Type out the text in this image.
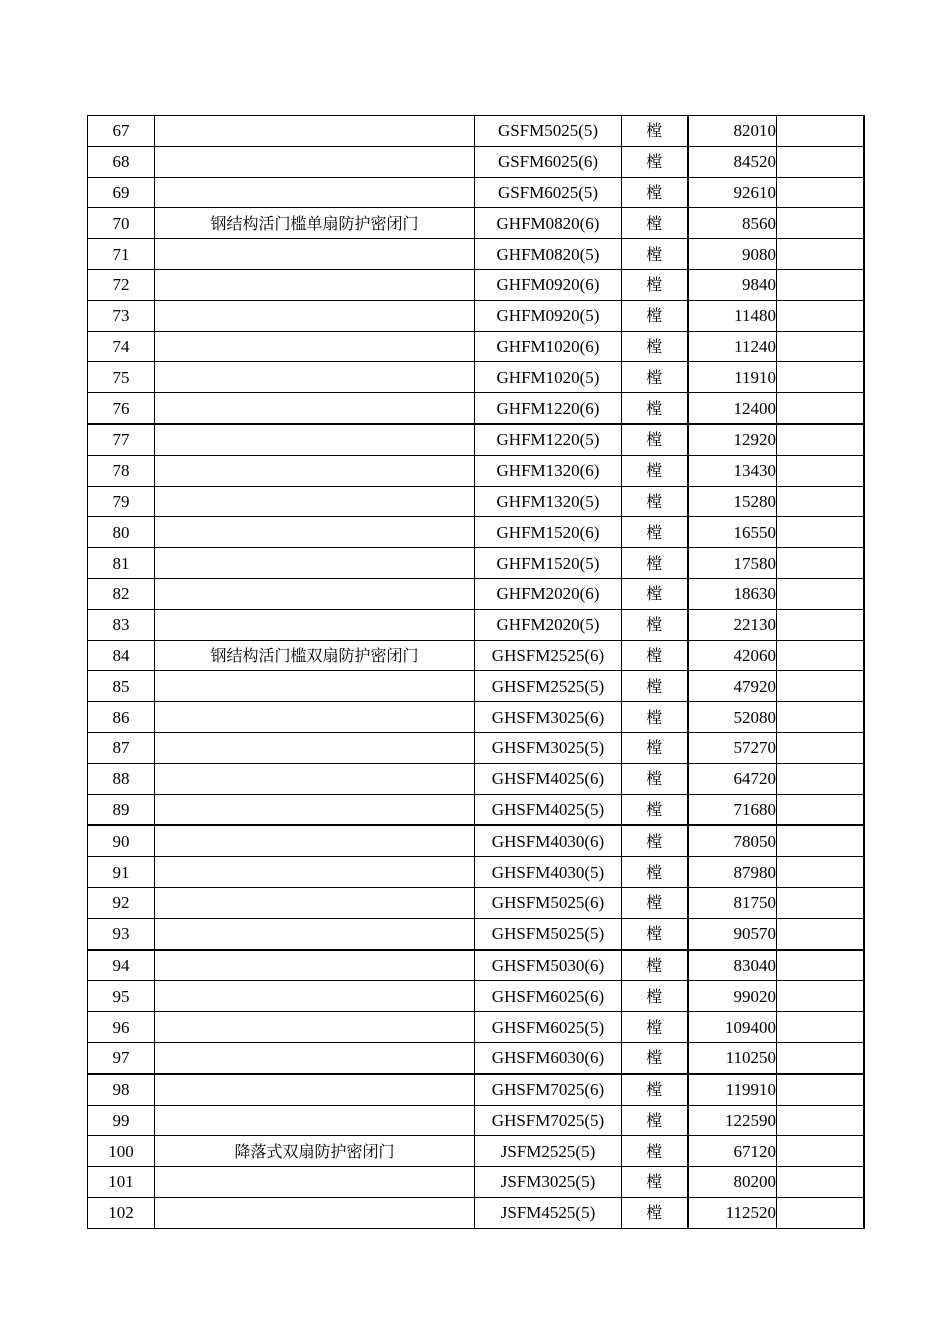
67		GSFM5025(5)	樘	82010	
68		GSFM6025(6)	樘	84520	
69		GSFM6025(5)	樘	92610	
70	钢结构活门槛单扇防护密闭门	GHFM0820(6)	樘	8560	
71		GHFM0820(5)	樘	9080	
72		GHFM0920(6)	樘	9840	
73		GHFM0920(5)	樘	11480	
74		GHFM1020(6)	樘	11240	
75		GHFM1020(5)	樘	11910	
76		GHFM1220(6)	樘	12400	
77		GHFM1220(5)	樘	12920	
78		GHFM1320(6)	樘	13430	
79		GHFM1320(5)	樘	15280	
80		GHFM1520(6)	樘	16550	
81		GHFM1520(5)	樘	17580	
82		GHFM2020(6)	樘	18630	
83		GHFM2020(5)	樘	22130	
84	钢结构活门槛双扇防护密闭门	GHSFM2525(6)	樘	42060	
85		GHSFM2525(5)	樘	47920	
86		GHSFM3025(6)	樘	52080	
87		GHSFM3025(5)	樘	57270	
88		GHSFM4025(6)	樘	64720	
89		GHSFM4025(5)	樘	71680	
90		GHSFM4030(6)	樘	78050	
91		GHSFM4030(5)	樘	87980	
92		GHSFM5025(6)	樘	81750	
93		GHSFM5025(5)	樘	90570	
94		GHSFM5030(6)	樘	83040	
95		GHSFM6025(6)	樘	99020	
96		GHSFM6025(5)	樘	109400	
97		GHSFM6030(6)	樘	110250	
98		GHSFM7025(6)	樘	119910	
99		GHSFM7025(5)	樘	122590	
100	降落式双扇防护密闭门	JSFM2525(5)	樘	67120	
101		JSFM3025(5)	樘	80200	
102		JSFM4525(5)	樘	112520	
